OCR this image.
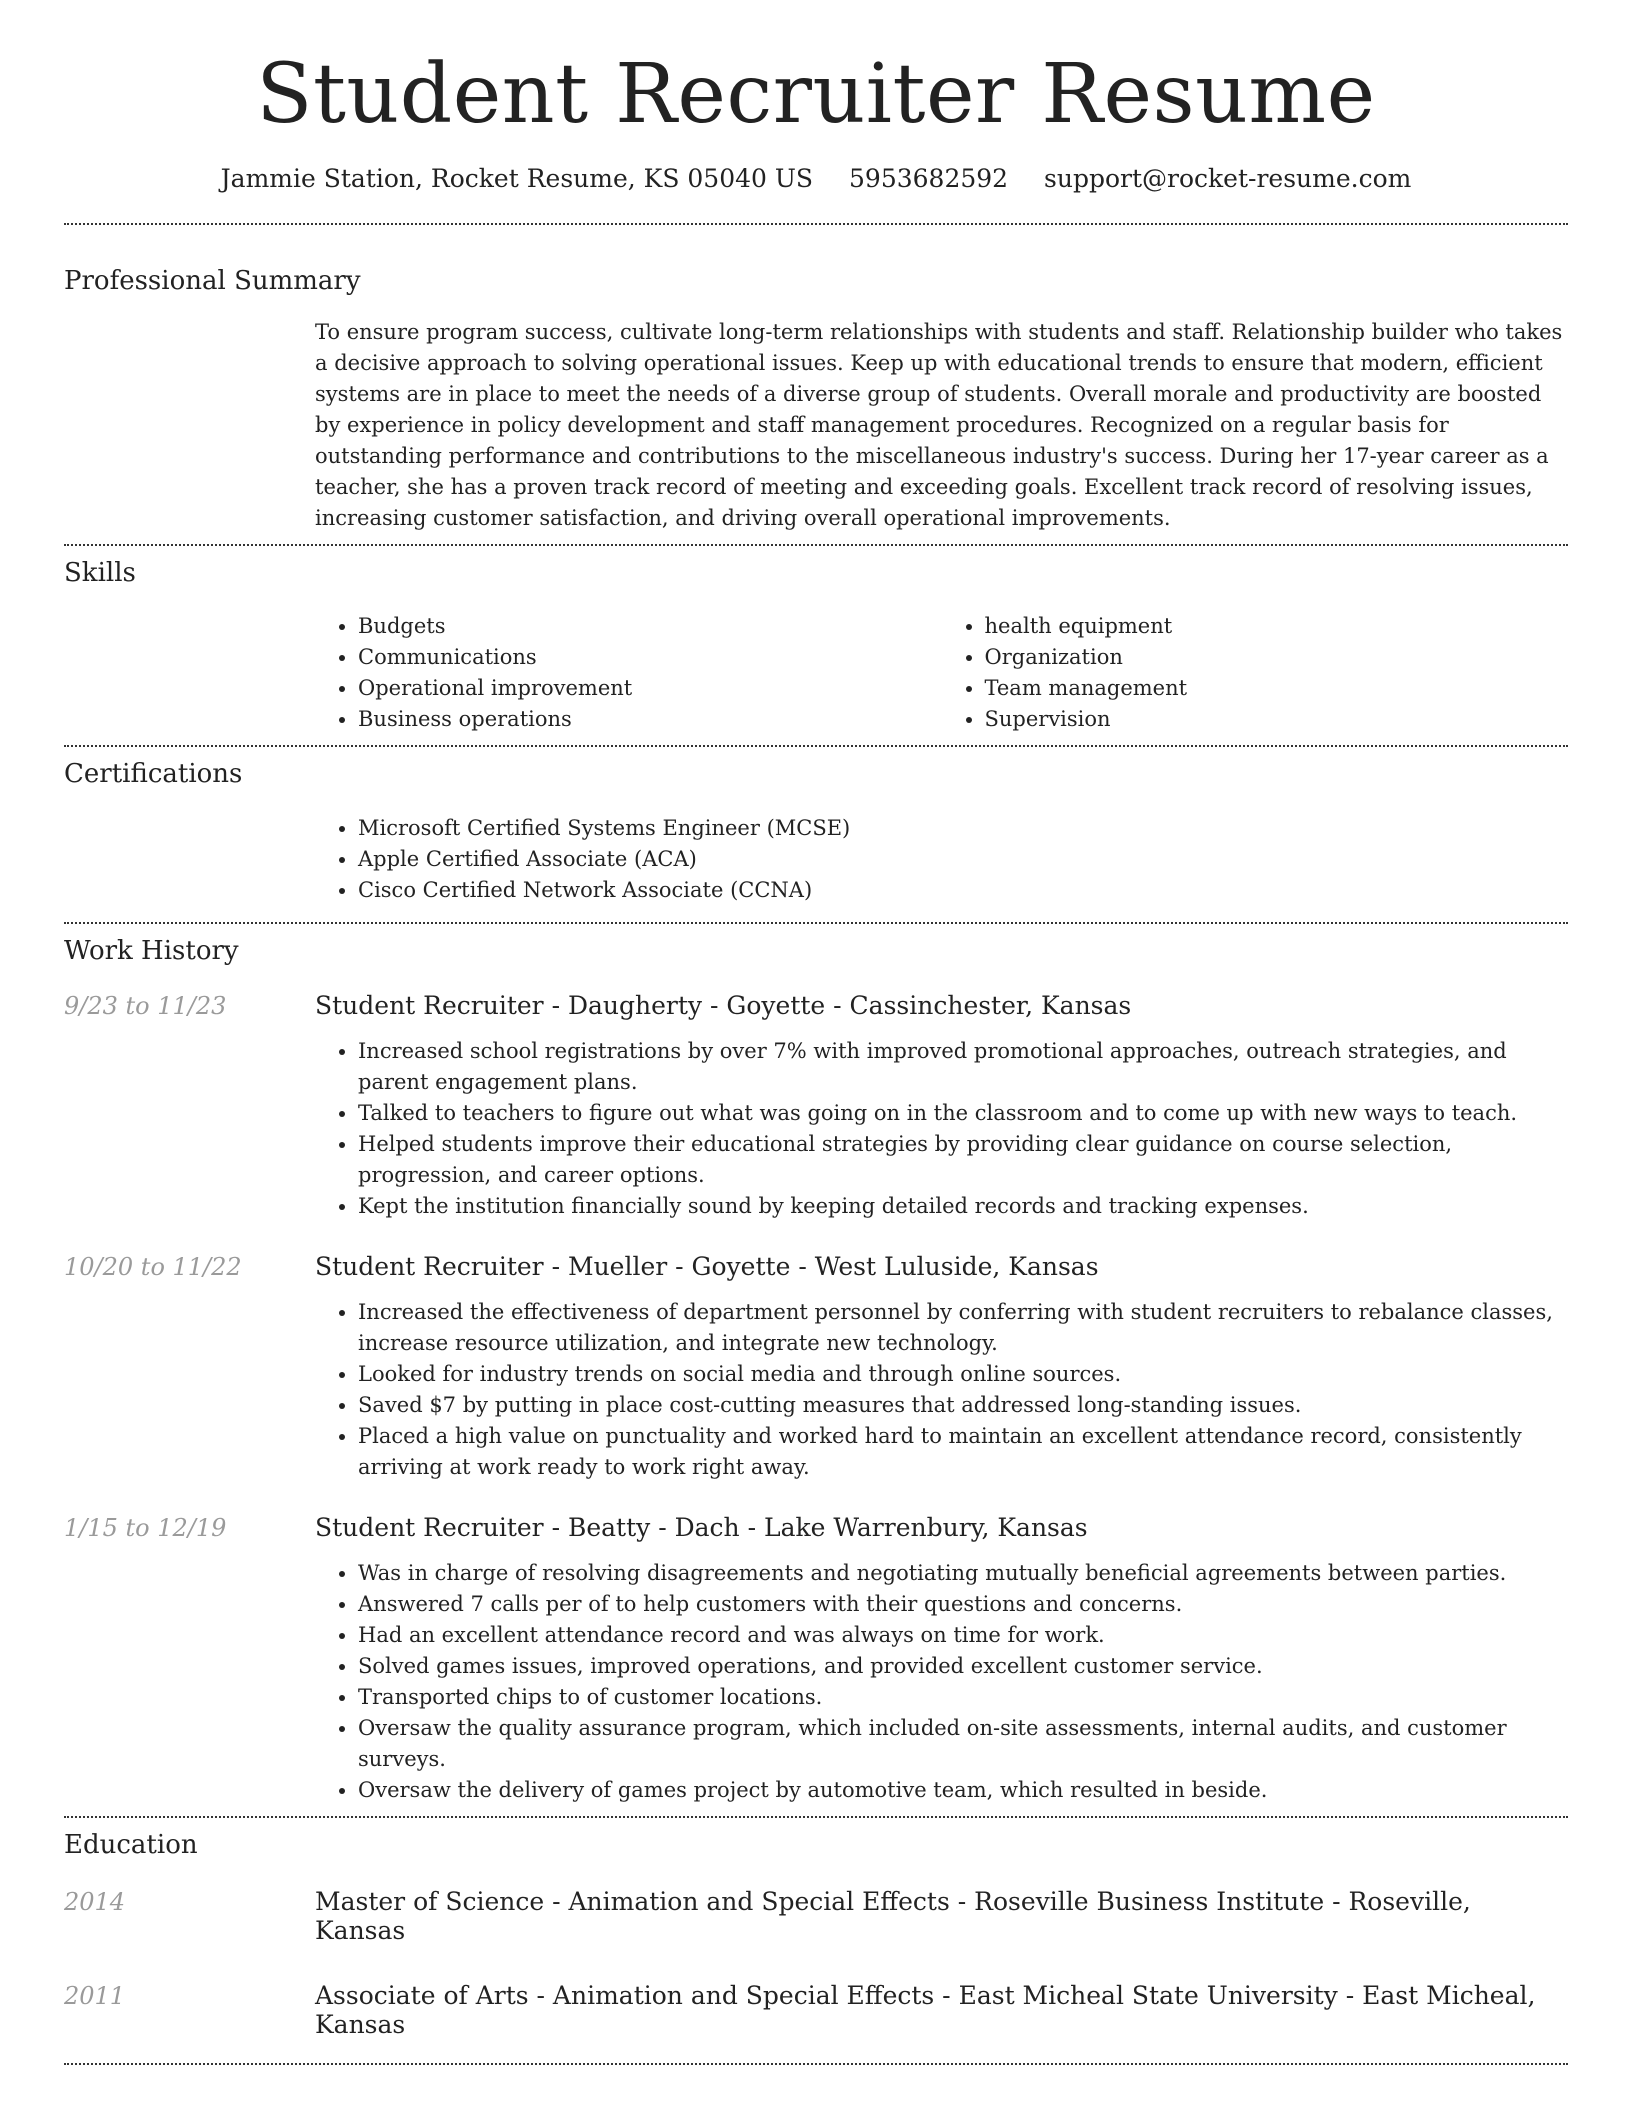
Student Recruiter Resume
Jammie Station, Rocket Resume, KS 05040 US 5953682592 support@rocket-resume.com
Professional Summary
To ensure program success, cultivate long-term relationships with students and staff. Relationship builder who takes a decisive approach to solving operational issues. Keep up with educational trends to ensure that modern, efficient systems are in place to meet the needs of a diverse group of students. Overall morale and productivity are boosted by experience in policy development and staff management procedures. Recognized on a regular basis for outstanding performance and contributions to the miscellaneous industry's success. During her 17-year career as a teacher, she has a proven track record of meeting and exceeding goals. Excellent track record of resolving issues, increasing customer satisfaction, and driving overall operational improvements.
Skills
• Budgets
• Communications
• Operational improvement
• Business operations
• health equipment
• Organization
• Team management
• Supervision
Certifications
• Microsoft Certified Systems Engineer (MCSE)
• Apple Certified Associate (ACA)
• Cisco Certified Network Associate (CCNA)
Work History
9/23 to 11/23	Student Recruiter - Daugherty - Goyette - Cassinchester, Kansas
• Increased school registrations by over 7% with improved promotional approaches, outreach strategies, and parent engagement plans.
• Talked to teachers to figure out what was going on in the classroom and to come up with new ways to teach.
• Helped students improve their educational strategies by providing clear guidance on course selection, progression, and career options.
• Kept the institution financially sound by keeping detailed records and tracking expenses.
10/20 to 11/22	Student Recruiter - Mueller - Goyette - West Luluside, Kansas
• Increased the effectiveness of department personnel by conferring with student recruiters to rebalance classes, increase resource utilization, and integrate new technology.
• Looked for industry trends on social media and through online sources.
• Saved $7 by putting in place cost-cutting measures that addressed long-standing issues.
• Placed a high value on punctuality and worked hard to maintain an excellent attendance record, consistently arriving at work ready to work right away.
1/15 to 12/19	Student Recruiter - Beatty - Dach - Lake Warrenbury, Kansas
• Was in charge of resolving disagreements and negotiating mutually beneficial agreements between parties.
• Answered 7 calls per of to help customers with their questions and concerns.
• Had an excellent attendance record and was always on time for work.
• Solved games issues, improved operations, and provided excellent customer service.
• Transported chips to of customer locations.
• Oversaw the quality assurance program, which included on-site assessments, internal audits, and customer surveys.
• Oversaw the delivery of games project by automotive team, which resulted in beside.
Education
2014	Master of Science - Animation and Special Effects - Roseville Business Institute - Roseville, Kansas
2011	Associate of Arts - Animation and Special Effects - East Micheal State University - East Micheal, Kansas
